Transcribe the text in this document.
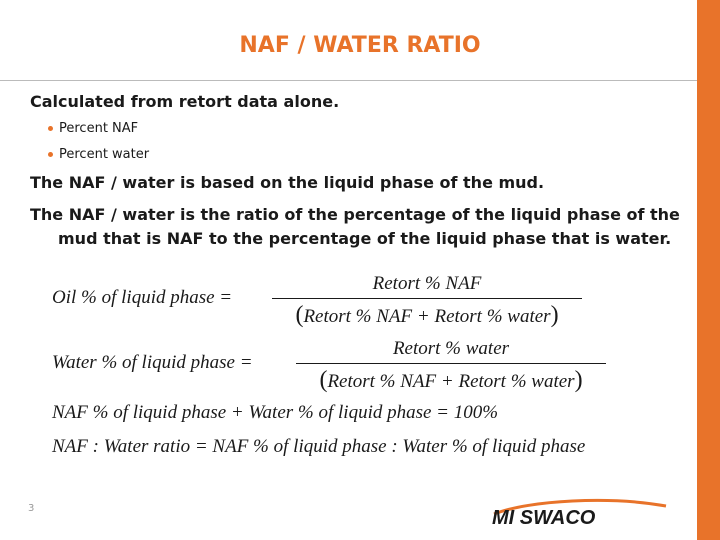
NAF / WATER RATIO
Calculated from retort data alone.
Percent NAF
Percent water

The NAF / water is based on the liquid phase of the mud.

The NAF / water is the ratio of the percentage of the liquid phase of the mud that is NAF to the percentage of the liquid phase that is water.

Oil % of liquid phase =
Retort % NAF
(Retort % NAF + Retort % water)
Water % of liquid phase =
Retort % water
(Retort % NAF + Retort % water)
NAF % of liquid phase + Water % of liquid phase = 100%
NAF : Water ratio = NAF % of liquid phase : Water % of liquid phase
3	MI SWACO
